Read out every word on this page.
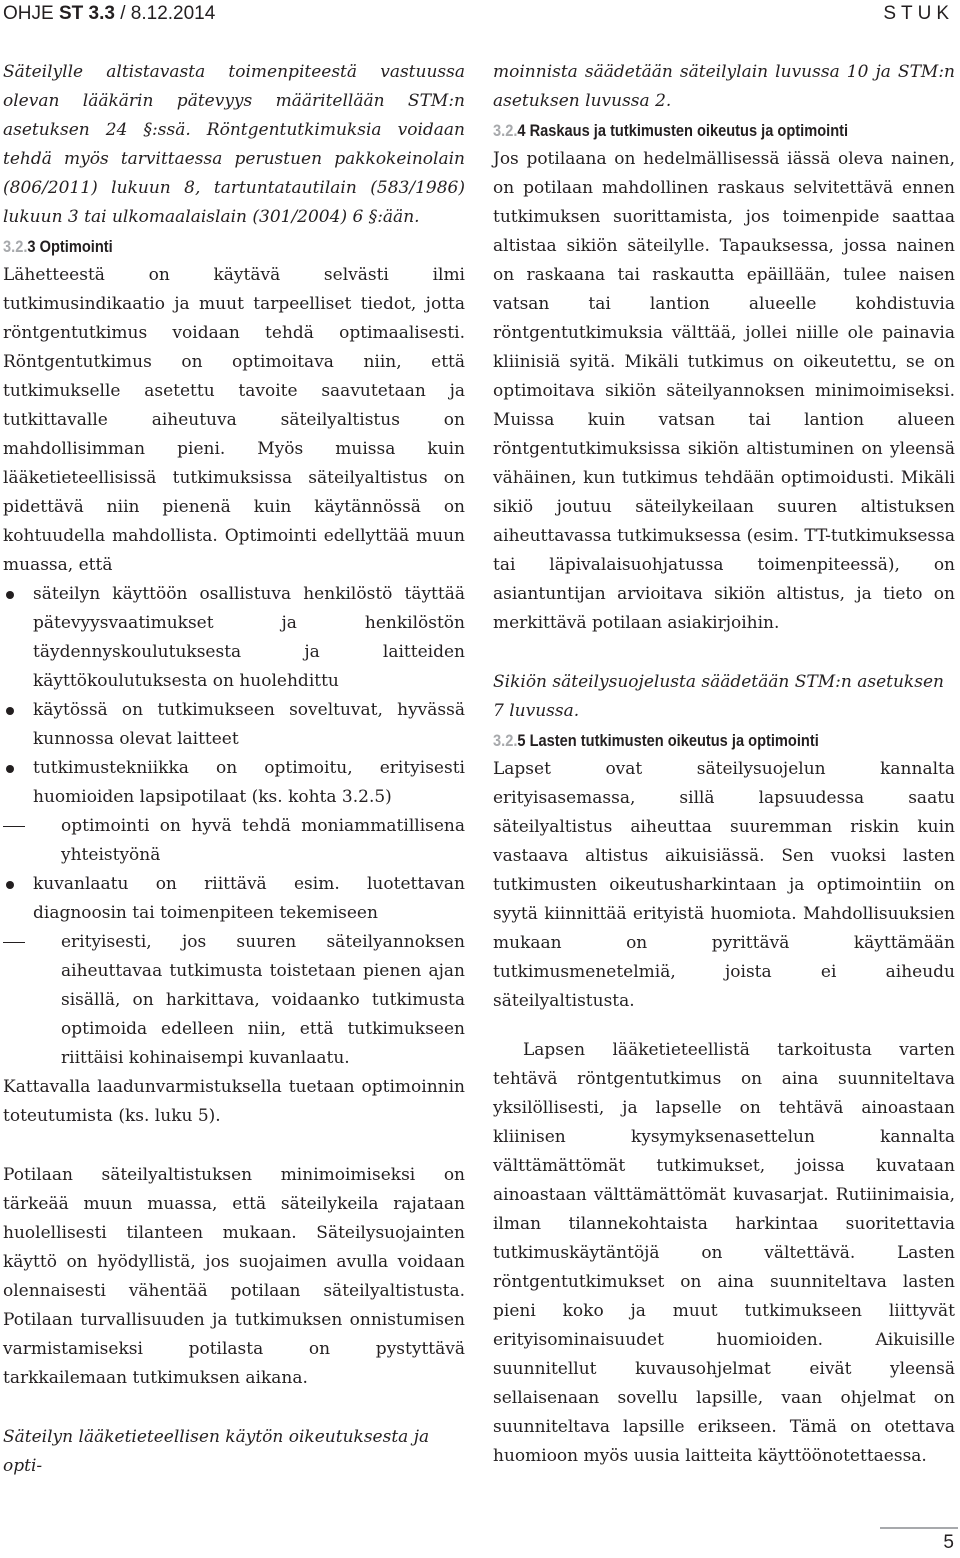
OHJE ST 3.3 / 8.12.2014	STUK

Säteilylle altistavasta toimenpiteestä vastuussa olevan lääkärin pätevyys määritellään STM:n asetuksen 24 §:ssä. Röntgentutkimuksia voidaan tehdä myös tarvittaessa perustuen pakkokeinolain (806/2011) lukuun 8, tartuntatautilain (583/1986) lukuun 3 tai ulkomaalaislain (301/2004) 6 §:ään.

3.2.3 Optimointi

Lähetteestä on käytävä selvästi ilmi tutkimusindikaatio ja muut tarpeelliset tiedot, jotta röntgentutkimus voidaan tehdä optimaalisesti. Röntgentutkimus on optimoitava niin, että tutkimukselle asetettu tavoite saavutetaan ja tutkittavalle aiheutuva säteilyaltistus on mahdollisimman pieni. Myös muissa kuin lääketieteellisissä tutkimuksissa säteilyaltistus on pidettävä niin pienenä kuin käytännössä on kohtuudella mahdollista. Optimointi edellyttää muun muassa, että

säteilyn käyttöön osallistuva henkilöstö täyttää pätevyysvaatimukset ja henkilöstön täydennyskoulutuksesta ja laitteiden käyttökoulutuksesta on huolehdittu
käytössä on tutkimukseen soveltuvat, hyvässä kunnossa olevat laitteet
tutkimustekniikka on optimoitu, erityisesti huomioiden lapsipotilaat (ks. kohta 3.2.5)
optimointi on hyvä tehdä moniammatillisena yhteistyönä
kuvanlaatu on riittävä esim. luotettavan diagnoosin tai toimenpiteen tekemiseen
erityisesti, jos suuren säteilyannoksen aiheuttavaa tutkimusta toistetaan pienen ajan sisällä, on harkittava, voidaanko tutkimusta optimoida edelleen niin, että tutkimukseen riittäisi kohinaisempi kuvanlaatu.

Kattavalla laadunvarmistuksella tuetaan optimoinnin toteutumista (ks. luku 5).

Potilaan säteilyaltistuksen minimoimiseksi on tärkeää muun muassa, että säteilykeila rajataan huolellisesti tilanteen mukaan. Säteilysuojainten käyttö on hyödyllistä, jos suojaimen avulla voidaan olennaisesti vähentää potilaan säteilyaltistusta. Potilaan turvallisuuden ja tutkimuksen onnistumisen varmistamiseksi potilasta on pystyttävä tarkkailemaan tutkimuksen aikana.

Säteilyn lääketieteellisen käytön oikeutuksesta ja opti-

moinnista säädetään säteilylain luvussa 10 ja STM:n asetuksen luvussa 2.

3.2.4 Raskaus ja tutkimusten oikeutus ja optimointi

Jos potilaana on hedelmällisessä iässä oleva nainen, on potilaan mahdollinen raskaus selvitettävä ennen tutkimuksen suorittamista, jos toimenpide saattaa altistaa sikiön säteilylle. Tapauksessa, jossa nainen on raskaana tai raskautta epäillään, tulee naisen vatsan tai lantion alueelle kohdistuvia röntgentutkimuksia välttää, jollei niille ole painavia kliinisiä syitä. Mikäli tutkimus on oikeutettu, se on optimoitava sikiön säteilyannoksen minimoimiseksi. Muissa kuin vatsan tai lantion alueen röntgentutkimuksissa sikiön altistuminen on yleensä vähäinen, kun tutkimus tehdään optimoidusti. Mikäli sikiö joutuu säteilykeilaan suuren altistuksen aiheuttavassa tutkimuksessa (esim. TT-tutkimuksessa tai läpivalaisuohjatussa toimenpiteessä), on asiantuntijan arvioitava sikiön altistus, ja tieto on merkittävä potilaan asiakirjoihin.

Sikiön säteilysuojelusta säädetään STM:n asetuksen 7 luvussa.

3.2.5 Lasten tutkimusten oikeutus ja optimointi

Lapset ovat säteilysuojelun kannalta erityisasemassa, sillä lapsuudessa saatu säteilyaltistus aiheuttaa suuremman riskin kuin vastaava altistus aikuisiässä. Sen vuoksi lasten tutkimusten oikeutusharkintaan ja optimointiin on syytä kiinnittää erityistä huomiota. Mahdollisuuksien mukaan on pyrittävä käyttämään tutkimusmenetelmiä, joista ei aiheudu säteilyaltistusta.

Lapsen lääketieteellistä tarkoitusta varten tehtävä röntgentutkimus on aina suunniteltava yksilöllisesti, ja lapselle on tehtävä ainoastaan kliinisen kysymyksenasettelun kannalta välttämättömät tutkimukset, joissa kuvataan ainoastaan välttämättömät kuvasarjat. Rutiinimaisia, ilman tilannekohtaista harkintaa suoritettavia tutkimuskäytäntöjä on vältettävä. Lasten röntgentutkimukset on aina suunniteltava lasten pieni koko ja muut tutkimukseen liittyvät erityisominaisuudet huomioiden. Aikuisille suunnitellut kuvausohjelmat eivät yleensä sellaisenaan sovellu lapsille, vaan ohjelmat on suunniteltava lapsille erikseen. Tämä on otettava huomioon myös uusia laitteita käyttöönotettaessa.

5
